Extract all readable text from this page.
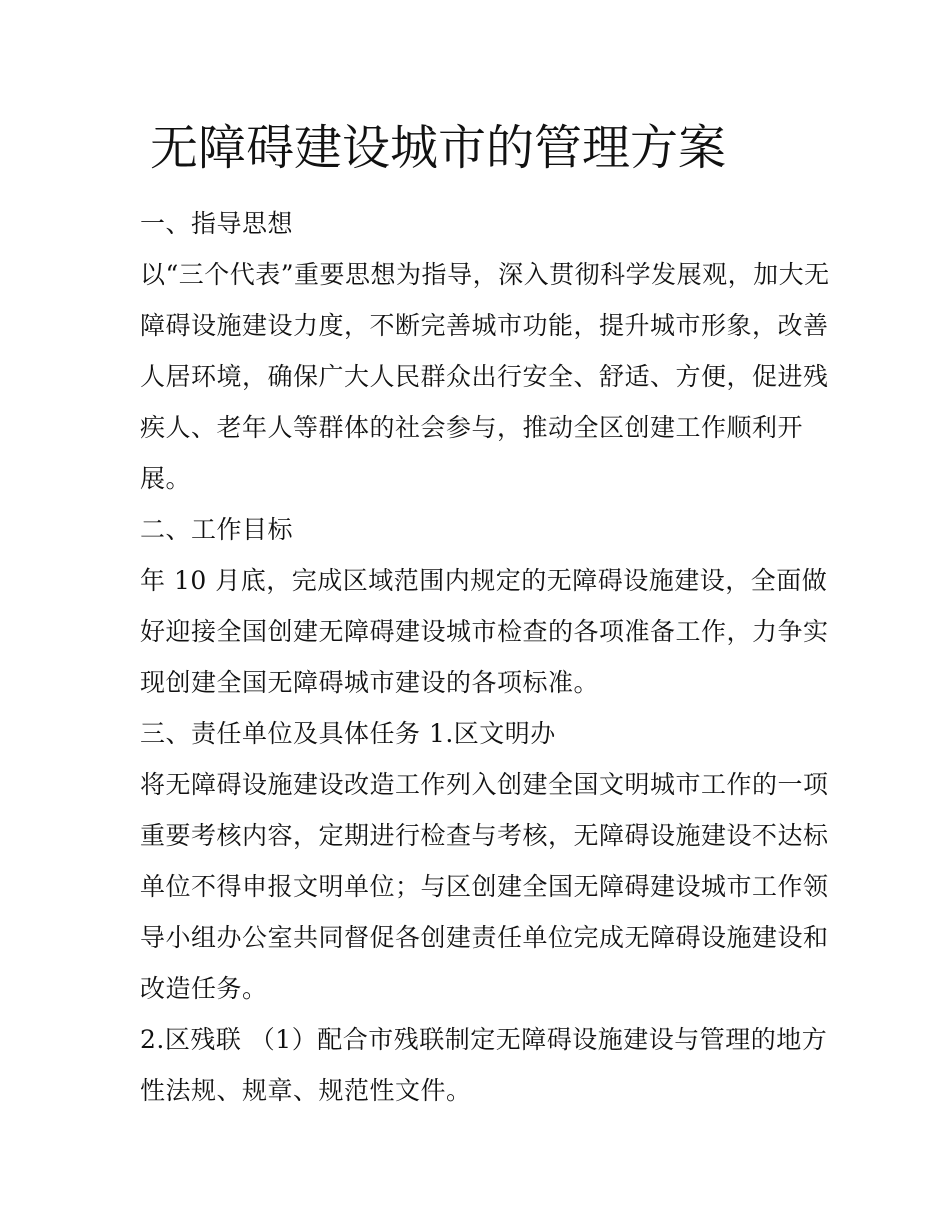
无障碍建设城市的管理方案
一、指导思想
以“三个代表”重要思想为指导，深入贯彻科学发展观，加大无
障碍设施建设力度，不断完善城市功能，提升城市形象，改善
人居环境，确保广大人民群众出行安全、舒适、方便，促进残
疾人、老年人等群体的社会参与，推动全区创建工作顺利开
展。
二、工作目标
年 10 月底，完成区域范围内规定的无障碍设施建设，全面做
好迎接全国创建无障碍建设城市检查的各项准备工作，力争实
现创建全国无障碍城市建设的各项标准。
三、责任单位及具体任务 1.区文明办
将无障碍设施建设改造工作列入创建全国文明城市工作的一项
重要考核内容，定期进行检查与考核，无障碍设施建设不达标
单位不得申报文明单位；与区创建全国无障碍建设城市工作领
导小组办公室共同督促各创建责任单位完成无障碍设施建设和
改造任务。
2.区残联 （1）配合市残联制定无障碍设施建设与管理的地方
性法规、规章、规范性文件。
